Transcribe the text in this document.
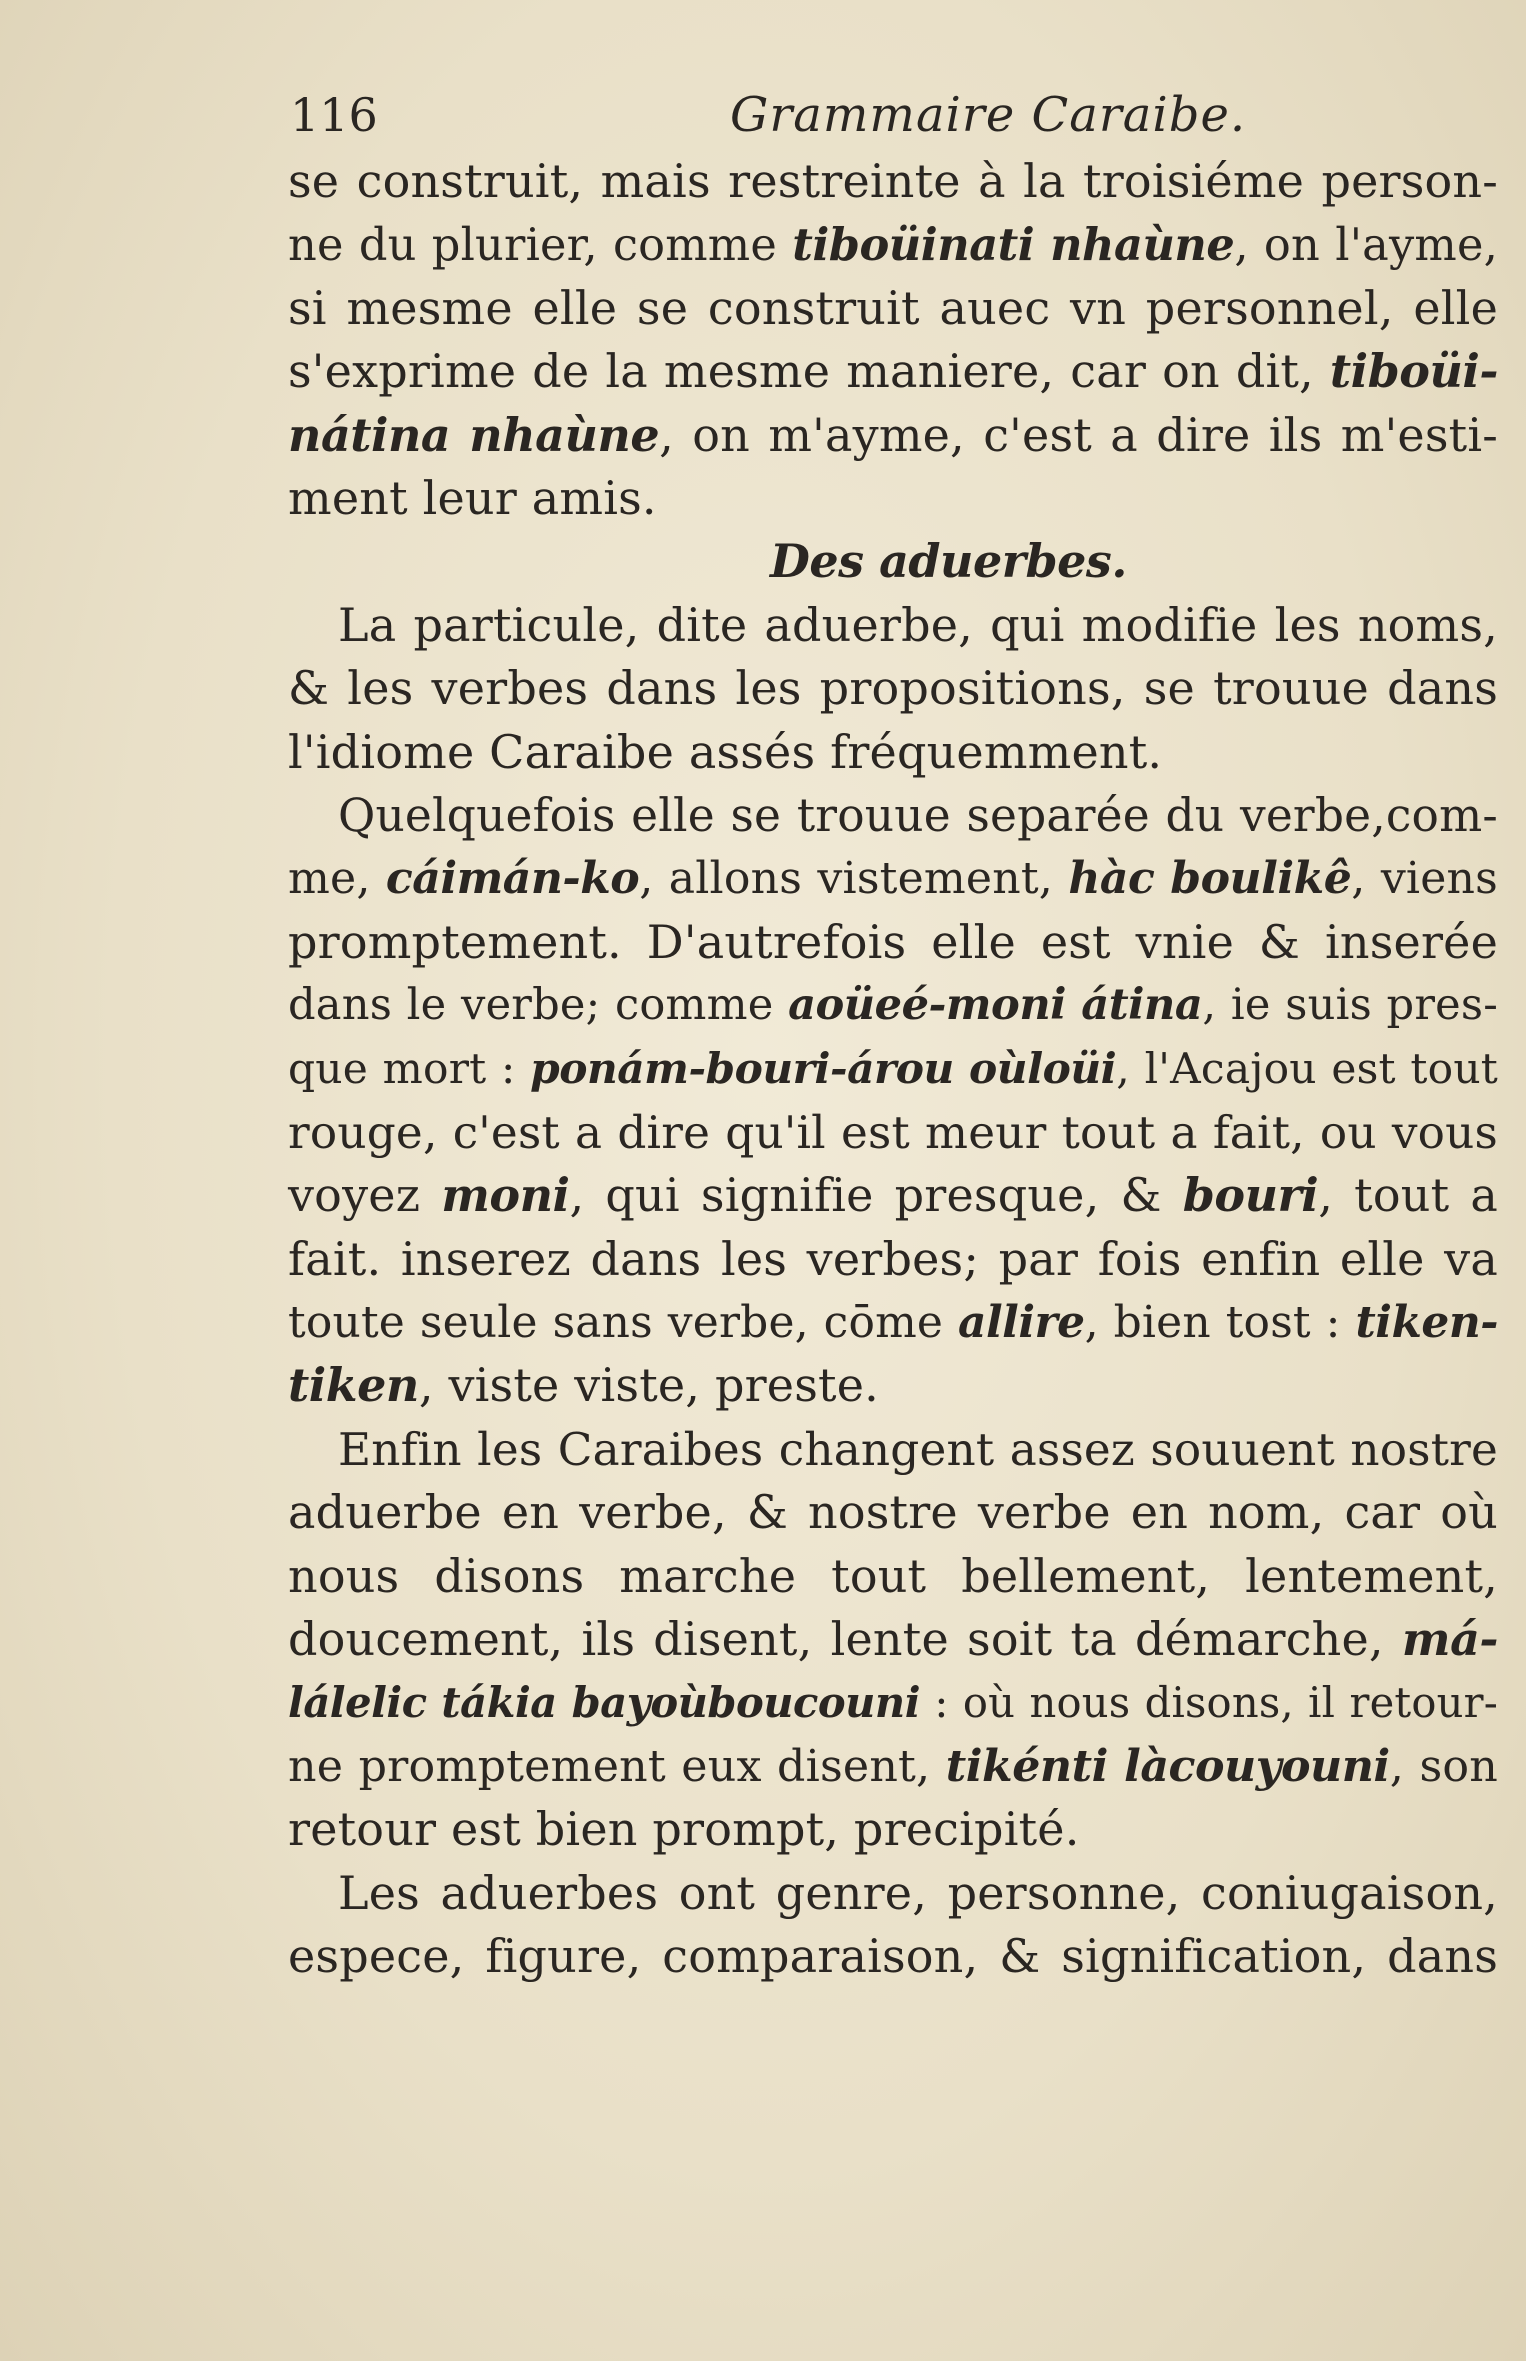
116	Grammaire Caraibe.
se construit, mais restreinte à la troisiéme person-
ne du plurier, comme tiboüinati nhaùne, on l'ayme,
si mesme elle se construit auec vn personnel, elle
s'exprime de la mesme maniere, car on dit, tiboüi-
nátina nhaùne, on m'ayme, c'est a dire ils m'esti-
ment leur amis.
Des aduerbes.
La particule, dite aduerbe, qui modifie les noms,
& les verbes dans les propositions, se trouue dans
l'idiome Caraibe assés fréquemment.
Quelquefois elle se trouue separée du verbe,com-
me, cáimán-ko, allons vistement, hàc boulikê, viens
promptement. D'autrefois elle est vnie & inserée
dans le verbe; comme aoüeé-moni átina, ie suis pres-
que mort : ponám-bouri-árou oùloüi, l'Acajou est tout
rouge, c'est a dire qu'il est meur tout a fait, ou vous
voyez moni, qui signifie presque, & bouri, tout a
fait. inserez dans les verbes; par fois enfin elle va
toute seule sans verbe, cōme allire, bien tost : tiken-
tiken, viste viste, preste.
Enfin les Caraibes changent assez souuent nostre
aduerbe en verbe, & nostre verbe en nom, car où
nous disons marche tout bellement, lentement,
doucement, ils disent, lente soit ta démarche, má-
lálelic tákia bayoùboucouni : où nous disons, il retour-
ne promptement eux disent, tikénti làcouyouni, son
retour est bien prompt, precipité.
Les aduerbes ont genre, personne, coniugaison,
espece, figure, comparaison, & signification, dans
